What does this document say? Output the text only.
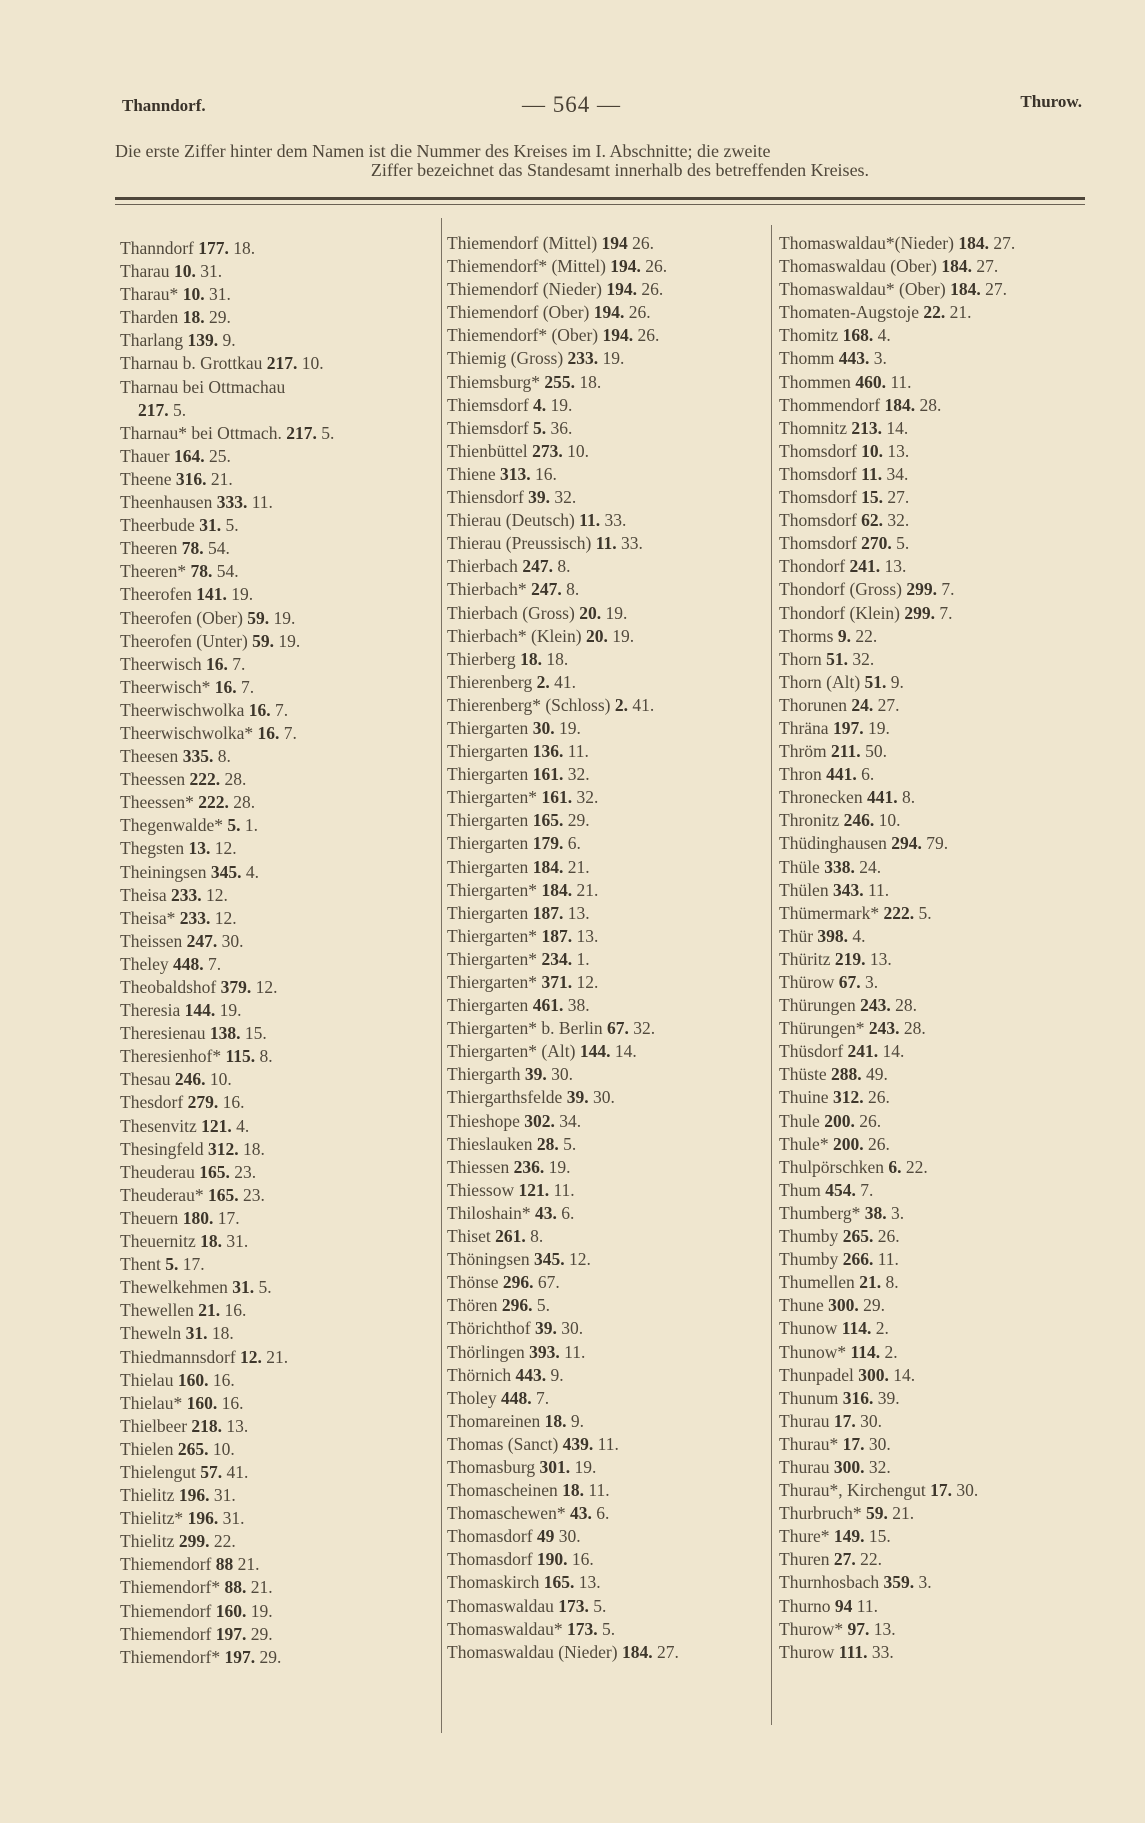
Thanndorf.	— 564 —	Thurow.
Die erste Ziffer hinter dem Namen ist die Nummer des Kreises im I. Abschnitte; die zweite
Ziffer bezeichnet das Standesamt innerhalb des betreffenden Kreises.
Thanndorf 177. 18.
Tharau 10. 31.
Tharau* 10. 31.
Tharden 18. 29.
Tharlang 139. 9.
Tharnau b. Grottkau 217. 10.
Tharnau bei Ottmachau
217. 5.
Tharnau* bei Ottmach. 217. 5.
Thauer 164. 25.
Theene 316. 21.
Theenhausen 333. 11.
Theerbude 31. 5.
Theeren 78. 54.
Theeren* 78. 54.
Theerofen 141. 19.
Theerofen (Ober) 59. 19.
Theerofen (Unter) 59. 19.
Theerwisch 16. 7.
Theerwisch* 16. 7.
Theerwischwolka 16. 7.
Theerwischwolka* 16. 7.
Theesen 335. 8.
Theessen 222. 28.
Theessen* 222. 28.
Thegenwalde* 5. 1.
Thegsten 13. 12.
Theiningsen 345. 4.
Theisa 233. 12.
Theisa* 233. 12.
Theissen 247. 30.
Theley 448. 7.
Theobaldshof 379. 12.
Theresia 144. 19.
Theresienau 138. 15.
Theresienhof* 115. 8.
Thesau 246. 10.
Thesdorf 279. 16.
Thesenvitz 121. 4.
Thesingfeld 312. 18.
Theuderau 165. 23.
Theuderau* 165. 23.
Theuern 180. 17.
Theuernitz 18. 31.
Thent 5. 17.
Thewelkehmen 31. 5.
Thewellen 21. 16.
Theweln 31. 18.
Thiedmannsdorf 12. 21.
Thielau 160. 16.
Thielau* 160. 16.
Thielbeer 218. 13.
Thielen 265. 10.
Thielengut 57. 41.
Thielitz 196. 31.
Thielitz* 196. 31.
Thielitz 299. 22.
Thiemendorf 88 21.
Thiemendorf* 88. 21.
Thiemendorf 160. 19.
Thiemendorf 197. 29.
Thiemendorf* 197. 29.
Thiemendorf (Mittel) 194 26.
Thiemendorf* (Mittel) 194. 26.
Thiemendorf (Nieder) 194. 26.
Thiemendorf (Ober) 194. 26.
Thiemendorf* (Ober) 194. 26.
Thiemig (Gross) 233. 19.
Thiemsburg* 255. 18.
Thiemsdorf 4. 19.
Thiemsdorf 5. 36.
Thienbüttel 273. 10.
Thiene 313. 16.
Thiensdorf 39. 32.
Thierau (Deutsch) 11. 33.
Thierau (Preussisch) 11. 33.
Thierbach 247. 8.
Thierbach* 247. 8.
Thierbach (Gross) 20. 19.
Thierbach* (Klein) 20. 19.
Thierberg 18. 18.
Thierenberg 2. 41.
Thierenberg* (Schloss) 2. 41.
Thiergarten 30. 19.
Thiergarten 136. 11.
Thiergarten 161. 32.
Thiergarten* 161. 32.
Thiergarten 165. 29.
Thiergarten 179. 6.
Thiergarten 184. 21.
Thiergarten* 184. 21.
Thiergarten 187. 13.
Thiergarten* 187. 13.
Thiergarten* 234. 1.
Thiergarten* 371. 12.
Thiergarten 461. 38.
Thiergarten* b. Berlin 67. 32.
Thiergarten* (Alt) 144. 14.
Thiergarth 39. 30.
Thiergarthsfelde 39. 30.
Thieshope 302. 34.
Thieslauken 28. 5.
Thiessen 236. 19.
Thiessow 121. 11.
Thiloshain* 43. 6.
Thiset 261. 8.
Thöningsen 345. 12.
Thönse 296. 67.
Thören 296. 5.
Thörichthof 39. 30.
Thörlingen 393. 11.
Thörnich 443. 9.
Tholey 448. 7.
Thomareinen 18. 9.
Thomas (Sanct) 439. 11.
Thomasburg 301. 19.
Thomascheinen 18. 11.
Thomaschewen* 43. 6.
Thomasdorf 49 30.
Thomasdorf 190. 16.
Thomaskirch 165. 13.
Thomaswaldau 173. 5.
Thomaswaldau* 173. 5.
Thomaswaldau (Nieder) 184. 27.
Thomaswaldau*(Nieder) 184. 27.
Thomaswaldau (Ober) 184. 27.
Thomaswaldau* (Ober) 184. 27.
Thomaten-Augstoje 22. 21.
Thomitz 168. 4.
Thomm 443. 3.
Thommen 460. 11.
Thommendorf 184. 28.
Thomnitz 213. 14.
Thomsdorf 10. 13.
Thomsdorf 11. 34.
Thomsdorf 15. 27.
Thomsdorf 62. 32.
Thomsdorf 270. 5.
Thondorf 241. 13.
Thondorf (Gross) 299. 7.
Thondorf (Klein) 299. 7.
Thorms 9. 22.
Thorn 51. 32.
Thorn (Alt) 51. 9.
Thorunen 24. 27.
Thräna 197. 19.
Thröm 211. 50.
Thron 441. 6.
Thronecken 441. 8.
Thronitz 246. 10.
Thüdinghausen 294. 79.
Thüle 338. 24.
Thülen 343. 11.
Thümermark* 222. 5.
Thür 398. 4.
Thüritz 219. 13.
Thürow 67. 3.
Thürungen 243. 28.
Thürungen* 243. 28.
Thüsdorf 241. 14.
Thüste 288. 49.
Thuine 312. 26.
Thule 200. 26.
Thule* 200. 26.
Thulpörschken 6. 22.
Thum 454. 7.
Thumberg* 38. 3.
Thumby 265. 26.
Thumby 266. 11.
Thumellen 21. 8.
Thune 300. 29.
Thunow 114. 2.
Thunow* 114. 2.
Thunpadel 300. 14.
Thunum 316. 39.
Thurau 17. 30.
Thurau* 17. 30.
Thurau 300. 32.
Thurau*, Kirchengut 17. 30.
Thurbruch* 59. 21.
Thure* 149. 15.
Thuren 27. 22.
Thurnhosbach 359. 3.
Thurno 94 11.
Thurow* 97. 13.
Thurow 111. 33.
